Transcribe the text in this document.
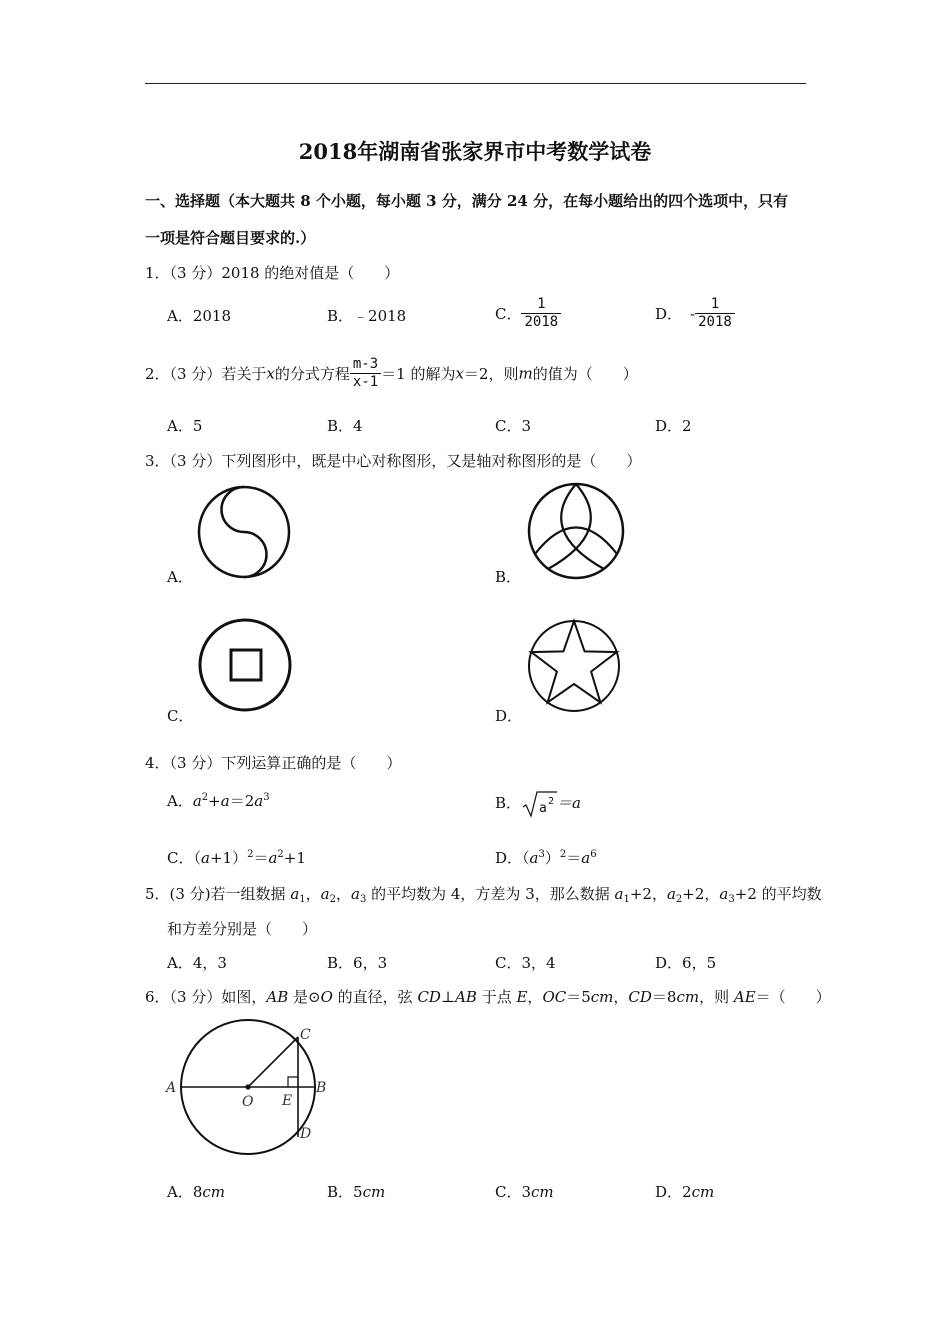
2018年湖南省张家界市中考数学试卷
一、选择题（本大题共 8 个小题，每小题 3 分，满分 24 分，在每小题给出的四个选项中，只有
一项是符合题目要求的.）
1．（3 分）2018 的绝对值是（　　）
A．2018	B．﹣2018	C． $\frac{1}{2018}$	D． - $\frac{1}{2018}$
2．（3 分）若关于x的分式方程 $\frac{m-3}{x-1} =1$ 的解为x＝2，则m的值为（　　）
A．5	B．4	C．3	D．2
3．（3 分）下列图形中，既是中心对称图形，又是轴对称图形的是（　　）
A．	B．
C．	D．
4．（3 分）下列运算正确的是（　　）
A．$a^2+a=2a^3$	B． a 2 ＝a
C．$(a+1)^2=a^2+1$	D．$(a^3)^2=a^6$
5．(3 分)若一组数据 $a_1$，$a_2$，$a_3$ 的平均数为 4，方差为 3，那么数据 $a_1+2$，$a_2+2$，$a_3+2$ 的平均数
和方差分别是（　　）
A．4，3	B．6，3	C．3，4	D．6，5
6．（3 分）如图，AB 是⊙O 的直径，弦 CD⊥AB 于点 E，OC＝5cm，CD＝8cm，则 AE＝（　　）
A	B
C
D
E
O
A．8cm	B．5cm	C．3cm	D．2cm
